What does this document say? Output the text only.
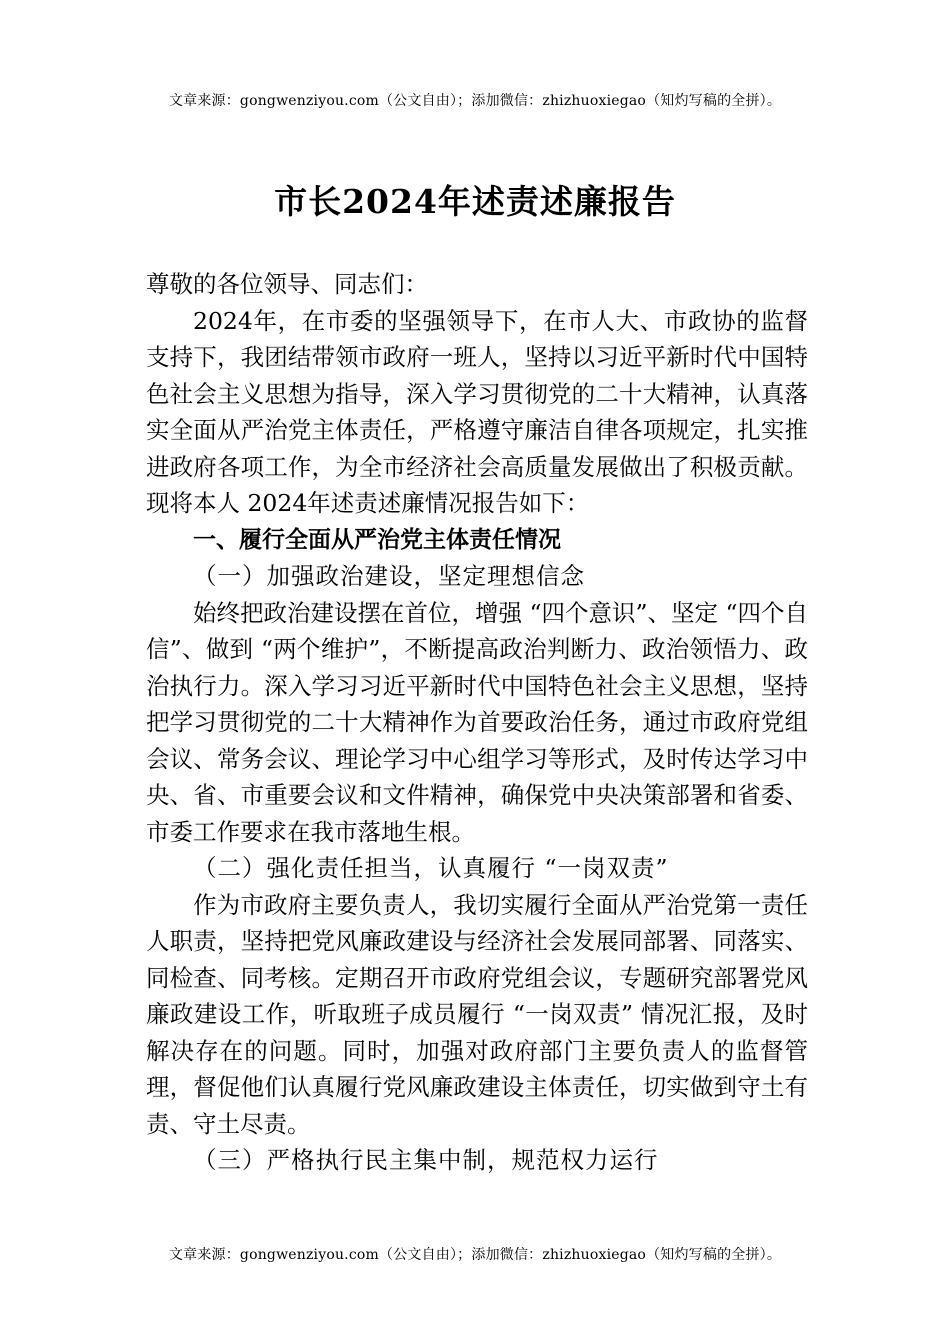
文章来源：gongwenziyou.com（公文自由）；添加微信：zhizhuoxiegao（知灼写稿的全拼）。
市长2024年述责述廉报告

尊敬的各位领导、同志们：

2024年，在市委的坚强领导下，在市人大、市政协的监督支持下，我团结带领市政府一班人，坚持以习近平新时代中国特色社会主义思想为指导，深入学习贯彻党的二十大精神，认真落实全面从严治党主体责任，严格遵守廉洁自律各项规定，扎实推进政府各项工作，为全市经济社会高质量发展做出了积极贡献。现将本人 2024年述责述廉情况报告如下：

一、履行全面从严治党主体责任情况

（一）加强政治建设，坚定理想信念

始终把政治建设摆在首位，增强 “四个意识”、坚定 “四个自信”、做到 “两个维护”，不断提高政治判断力、政治领悟力、政治执行力。深入学习习近平新时代中国特色社会主义思想，坚持把学习贯彻党的二十大精神作为首要政治任务，通过市政府党组会议、常务会议、理论学习中心组学习等形式，及时传达学习中央、省、市重要会议和文件精神，确保党中央决策部署和省委、市委工作要求在我市落地生根。

（二）强化责任担当，认真履行 “一岗双责”

作为市政府主要负责人，我切实履行全面从严治党第一责任人职责，坚持把党风廉政建设与经济社会发展同部署、同落实、同检查、同考核。定期召开市政府党组会议，专题研究部署党风廉政建设工作，听取班子成员履行 “一岗双责” 情况汇报，及时解决存在的问题。同时，加强对政府部门主要负责人的监督管理，督促他们认真履行党风廉政建设主体责任，切实做到守土有责、守土尽责。

（三）严格执行民主集中制，规范权力运行

文章来源：gongwenziyou.com（公文自由）；添加微信：zhizhuoxiegao（知灼写稿的全拼）。
